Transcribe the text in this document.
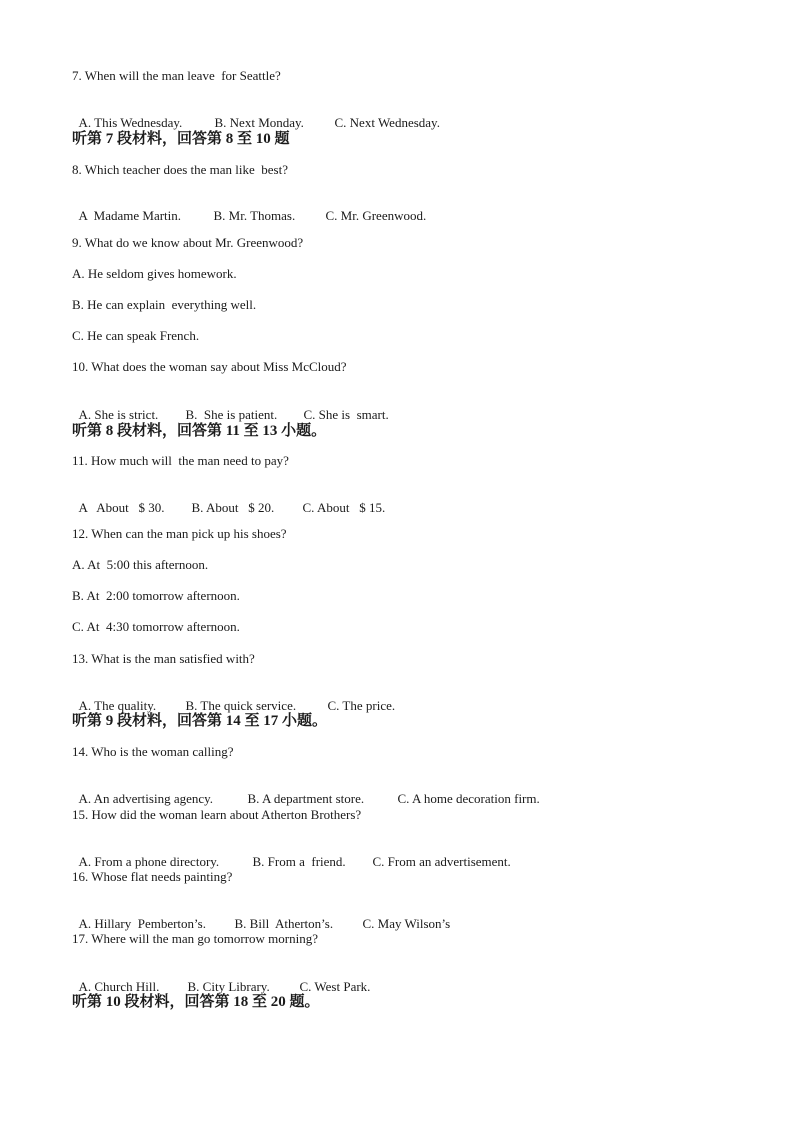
7. When will the man leave  for Seattle?

A. This Wednesday. B. Next Monday. C. Next Wednesday.

听第 7 段材料，回答第 8 至 10 题
8. Which teacher does the man like  best?

A  Madame Martin. B. Mr. Thomas. C. Mr. Greenwood.

9. What do we know about Mr. Greenwood?
A. He seldom gives homework.
B. He can explain  everything well.
C. He can speak French.
10. What does the woman say about Miss McCloud?

A. She is strict. B.  She is patient. C. She is  smart.

听第 8 段材料，回答第 11 至 13 小题。
11. How much will  the man need to pay?

A   About   $ 30. B. About   $ 20. C. About   $ 15.

12. When can the man pick up his shoes?
A. At  5:00 this afternoon.
B. At  2:00 tomorrow afternoon.
C. At  4:30 tomorrow afternoon.
13. What is the man satisfied with?

A. The quality. B. The quick service. C. The price.

听第 9 段材料，回答第 14 至 17 小题。
14. Who is the woman calling?

A. An advertising agency.	B. A department store.	C. A home decoration firm.

15. How did the woman learn about Atherton Brothers?

A. From a phone directory.	B. From a  friend. C. From an advertisement.

16. Whose flat needs painting?

A. Hillary  Pemberton’s. B. Bill  Atherton’s. C. May Wilson’s

17. Where will the man go tomorrow morning?

A. Church Hill. B. City Library. C. West Park.

听第 10 段材料，回答第 18 至 20 题。
